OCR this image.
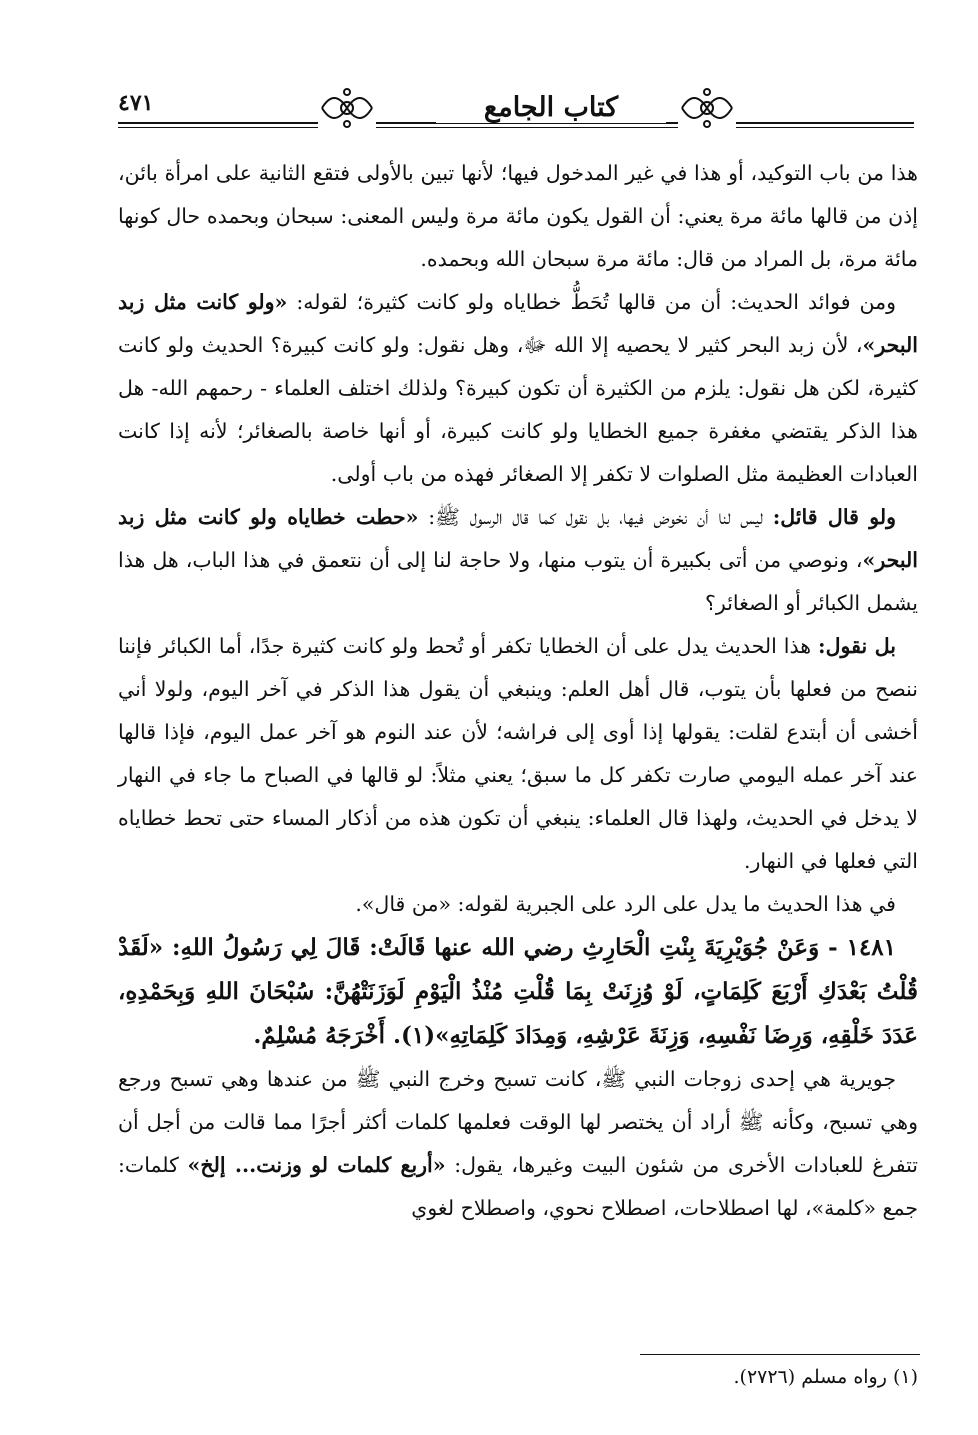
٤٧١	كتاب الجامع

هذا من باب التوكيد، أو هذا في غير المدخول فيها؛ لأنها تبين بالأولى فتقع الثانية على امرأة بائن، إذن من قالها مائة مرة يعني: أن القول يكون مائة مرة وليس المعنى: سبحان وبحمده حال كونها مائة مرة، بل المراد من قال: مائة مرة سبحان الله وبحمده.

ومن فوائد الحديث: أن من قالها تُحَطُّ خطاياه ولو كانت كثيرة؛ لقوله: «ولو كانت مثل زبد البحر»، لأن زبد البحر كثير لا يحصيه إلا الله ﷻ، وهل نقول: ولو كانت كبيرة؟ الحديث ولو كانت كثيرة، لكن هل نقول: يلزم من الكثيرة أن تكون كبيرة؟ ولذلك اختلف العلماء - رحمهم الله- هل هذا الذكر يقتضي مغفرة جميع الخطايا ولو كانت كبيرة، أو أنها خاصة بالصغائر؛ لأنه إذا كانت العبادات العظيمة مثل الصلوات لا تكفر إلا الصغائر فهذه من باب أولى.

ولو قال قائل: ليس لنا أن نخوض فيها، بل نقول كما قال الرسول ﷺ: «حطت خطاياه ولو كانت مثل زبد البحر»، ونوصي من أتى بكبيرة أن يتوب منها، ولا حاجة لنا إلى أن نتعمق في هذا الباب، هل هذا يشمل الكبائر أو الصغائر؟

بل نقول: هذا الحديث يدل على أن الخطايا تكفر أو تُحط ولو كانت كثيرة جدًا، أما الكبائر فإننا ننصح من فعلها بأن يتوب، قال أهل العلم: وينبغي أن يقول هذا الذكر في آخر اليوم، ولولا أني أخشى أن أبتدع لقلت: يقولها إذا أوى إلى فراشه؛ لأن عند النوم هو آخر عمل اليوم، فإذا قالها عند آخر عمله اليومي صارت تكفر كل ما سبق؛ يعني مثلاً: لو قالها في الصباح ما جاء في النهار لا يدخل في الحديث، ولهذا قال العلماء: ينبغي أن تكون هذه من أذكار المساء حتى تحط خطاياه التي فعلها في النهار.

في هذا الحديث ما يدل على الرد على الجبرية لقوله: «من قال».

١٤٨١ - وَعَنْ جُوَيْرِيَةَ بِنْتِ الْحَارِثِ رضي الله عنها قَالَتْ: قَالَ لِي رَسُولُ اللهِ: «لَقَدْ قُلْتُ بَعْدَكِ أَرْبَعَ كَلِمَاتٍ، لَوْ وُزِنَتْ بِمَا قُلْتِ مُنْذُ الْيَوْمِ لَوَزَنَتْهُنَّ: سُبْحَانَ اللهِ وَبِحَمْدِهِ، عَدَدَ خَلْقِهِ، وَرِضَا نَفْسِهِ، وَزِنَةَ عَرْشِهِ، وَمِدَادَ كَلِمَاتِهِ»(١). أَخْرَجَهُ مُسْلِمٌ.

جويرية هي إحدى زوجات النبي ﷺ، كانت تسبح وخرج النبي ﷺ من عندها وهي تسبح ورجع وهي تسبح، وكأنه ﷺ أراد أن يختصر لها الوقت فعلمها كلمات أكثر أجرًا مما قالت من أجل أن تتفرغ للعبادات الأخرى من شئون البيت وغيرها، يقول: «أربع كلمات لو وزنت... إلخ» كلمات: جمع «كلمة»، لها اصطلاحات، اصطلاح نحوي، واصطلاح لغوي

(١) رواه مسلم (٢٧٢٦).
